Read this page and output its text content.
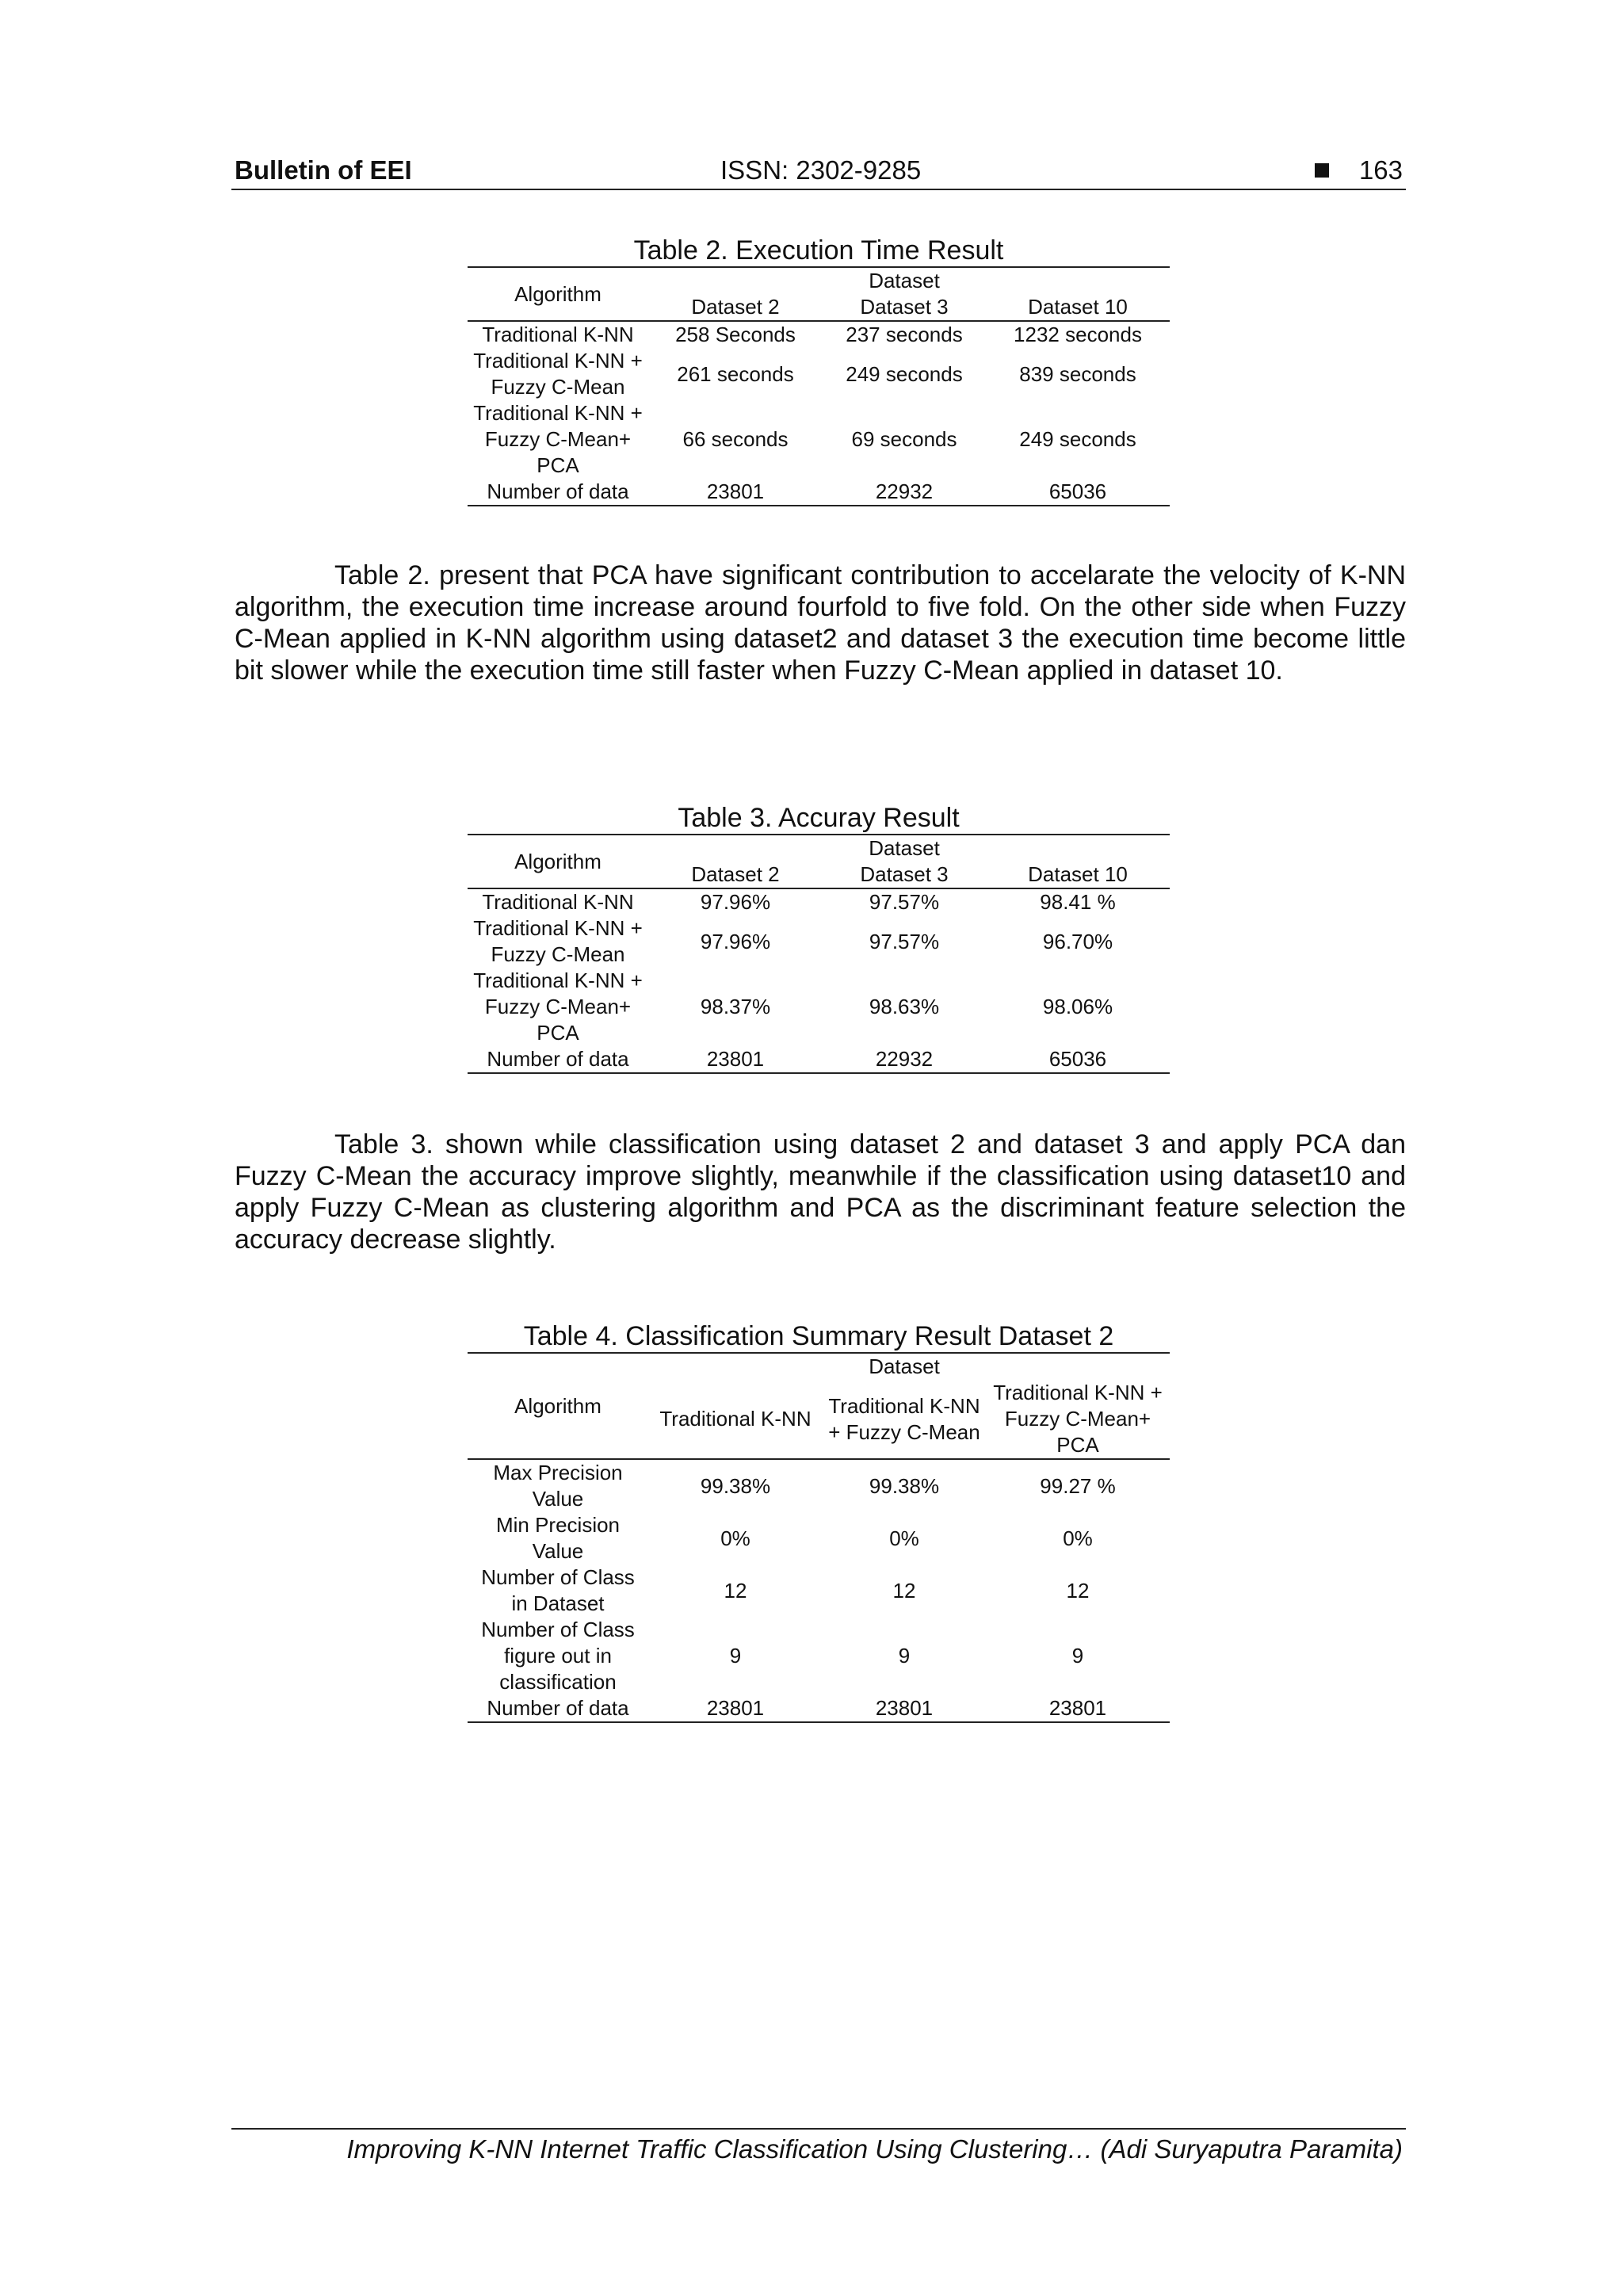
Bulletin of EEI	ISSN: 2302-9285	163
Table 2. Execution Time Result
Algorithm		Dataset	
	Dataset 2	Dataset 3	Dataset 10
Traditional K-NN	258 Seconds	237 seconds	1232 seconds
Traditional K-NN + Fuzzy C-Mean	261 seconds	249 seconds	839 seconds
Traditional K-NN + Fuzzy C-Mean+ PCA	66 seconds	69 seconds	249 seconds
Number of data	23801	22932	65036

Table 2. present that PCA have significant contribution to accelarate the velocity of K-NN algorithm, the execution time increase around fourfold to five fold. On the other side when Fuzzy C-Mean applied in K-NN algorithm using dataset2 and dataset 3 the execution time become little bit slower while the execution time still faster when Fuzzy C-Mean applied in dataset 10.

Table 3. Accuray Result
Algorithm		Dataset	
	Dataset 2	Dataset 3	Dataset 10
Traditional K-NN	97.96%	97.57%	98.41 %
Traditional K-NN + Fuzzy C-Mean	97.96%	97.57%	96.70%
Traditional K-NN + Fuzzy C-Mean+ PCA	98.37%	98.63%	98.06%
Number of data	23801	22932	65036

Table 3. shown while classification using dataset 2 and dataset 3 and apply PCA dan Fuzzy C-Mean the accuracy improve slightly, meanwhile if the classification using dataset10 and apply Fuzzy C-Mean as clustering algorithm and PCA as the discriminant feature selection the accuracy decrease slightly.

Table 4. Classification Summary Result Dataset 2
Algorithm		Dataset	
	Traditional K-NN	Traditional K-NN + Fuzzy C-Mean	Traditional K-NN + Fuzzy C-Mean+ PCA
Max Precision Value	99.38%	99.38%	99.27 %
Min Precision Value	0%	0%	0%
Number of Class in Dataset	12	12	12
Number of Class figure out in classification	9	9	9
Number of data	23801	23801	23801
Improving K-NN Internet Traffic Classification Using Clustering… (Adi Suryaputra Paramita)
